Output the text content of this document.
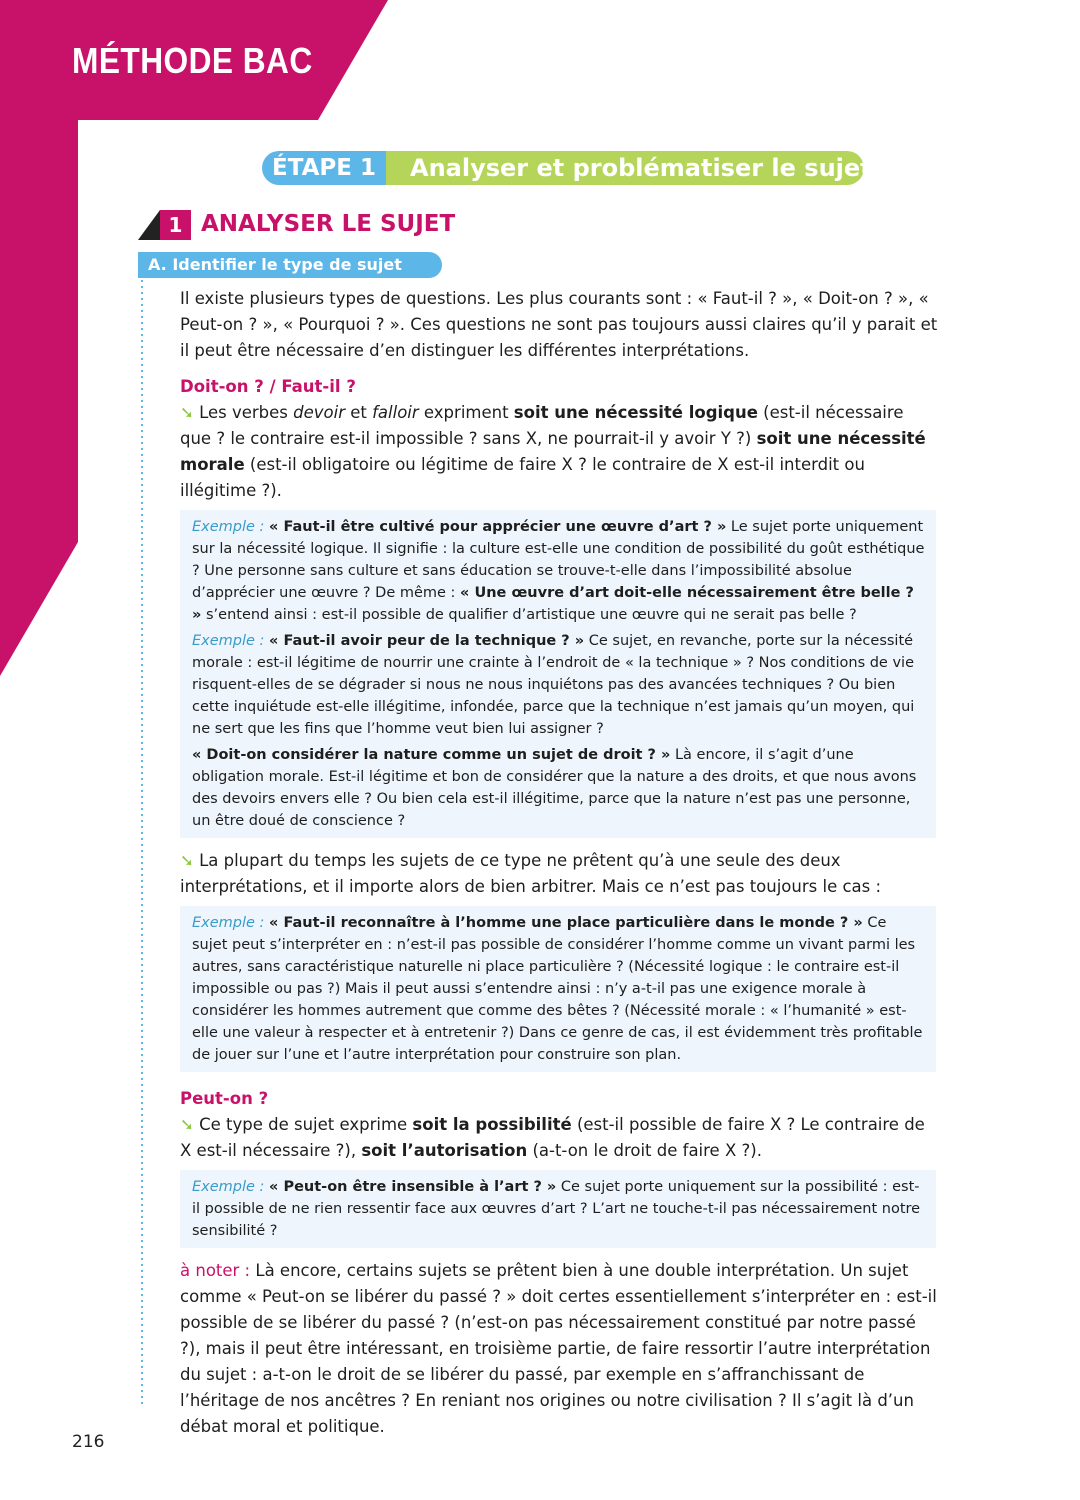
MÉTHODE BAC
ÉTAPE 1	Analyser et problématiser le sujet
1 ANALYSER LE SUJET
A. Identifier le type de sujet

Il existe plusieurs types de questions. Les plus courants sont : « Faut-il ? », « Doit-on ? », « Peut-on ? », « Pourquoi ? ». Ces questions ne sont pas toujours aussi claires qu’il y parait et il peut être nécessaire d’en distinguer les différentes interprétations.

Doit-on ? / Faut-il ?

➘ Les verbes devoir et falloir expriment soit une nécessité logique (est-il nécessaire que ? le contraire est-il impossible ? sans X, ne pourrait-il y avoir Y ?) soit une nécessité morale (est-il obligatoire ou légitime de faire X ? le contraire de X est-il interdit ou illégitime ?).

Exemple : « Faut-il être cultivé pour apprécier une œuvre d’art ? » Le sujet porte uniquement sur la nécessité logique. Il signifie : la culture est-elle une condition de possibilité du goût esthétique ? Une personne sans culture et sans éducation se trouve-t-elle dans l’impossibilité absolue d’apprécier une œuvre ? De même : « Une œuvre d’art doit-elle nécessairement être belle ? » s’entend ainsi : est-il possible de qualifier d’artistique une œuvre qui ne serait pas belle ?

Exemple : « Faut-il avoir peur de la technique ? » Ce sujet, en revanche, porte sur la nécessité morale : est-il légitime de nourrir une crainte à l’endroit de « la technique » ? Nos conditions de vie risquent-elles de se dégrader si nous ne nous inquiétons pas des avancées techniques ? Ou bien cette inquiétude est-elle illégitime, infondée, parce que la technique n’est jamais qu’un moyen, qui ne sert que les fins que l’homme veut bien lui assigner ?

« Doit-on considérer la nature comme un sujet de droit ? » Là encore, il s’agit d’une obligation morale. Est-il légitime et bon de considérer que la nature a des droits, et que nous avons des devoirs envers elle ? Ou bien cela est-il illégitime, parce que la nature n’est pas une personne, un être doué de conscience ?

➘ La plupart du temps les sujets de ce type ne prêtent qu’à une seule des deux interprétations, et il importe alors de bien arbitrer. Mais ce n’est pas toujours le cas :

Exemple : « Faut-il reconnaître à l’homme une place particulière dans le monde ? » Ce sujet peut s’interpréter en : n’est-il pas possible de considérer l’homme comme un vivant parmi les autres, sans caractéristique naturelle ni place particulière ? (Nécessité logique : le contraire est-il impossible ou pas ?) Mais il peut aussi s’entendre ainsi : n’y a-t-il pas une exigence morale à considérer les hommes autrement que comme des bêtes ? (Nécessité morale : « l’humanité » est-elle une valeur à respecter et à entretenir ?) Dans ce genre de cas, il est évidemment très profitable de jouer sur l’une et l’autre interprétation pour construire son plan.

Peut-on ?

➘ Ce type de sujet exprime soit la possibilité (est-il possible de faire X ? Le contraire de X est-il nécessaire ?), soit l’autorisation (a-t-on le droit de faire X ?).

Exemple : « Peut-on être insensible à l’art ? » Ce sujet porte uniquement sur la possibilité : est-il possible de ne rien ressentir face aux œuvres d’art ? L’art ne touche-t-il pas nécessairement notre sensibilité ?

à noter : Là encore, certains sujets se prêtent bien à une double interprétation. Un sujet comme « Peut-on se libérer du passé ? » doit certes essentiellement s’interpréter en : est-il possible de se libérer du passé ? (n’est-on pas nécessairement constitué par notre passé ?), mais il peut être intéressant, en troisième partie, de faire ressortir l’autre interprétation du sujet : a-t-on le droit de se libérer du passé, par exemple en s’affranchissant de l’héritage de nos ancêtres ? En reniant nos origines ou notre civilisation ? Il s’agit là d’un débat moral et politique.

216
